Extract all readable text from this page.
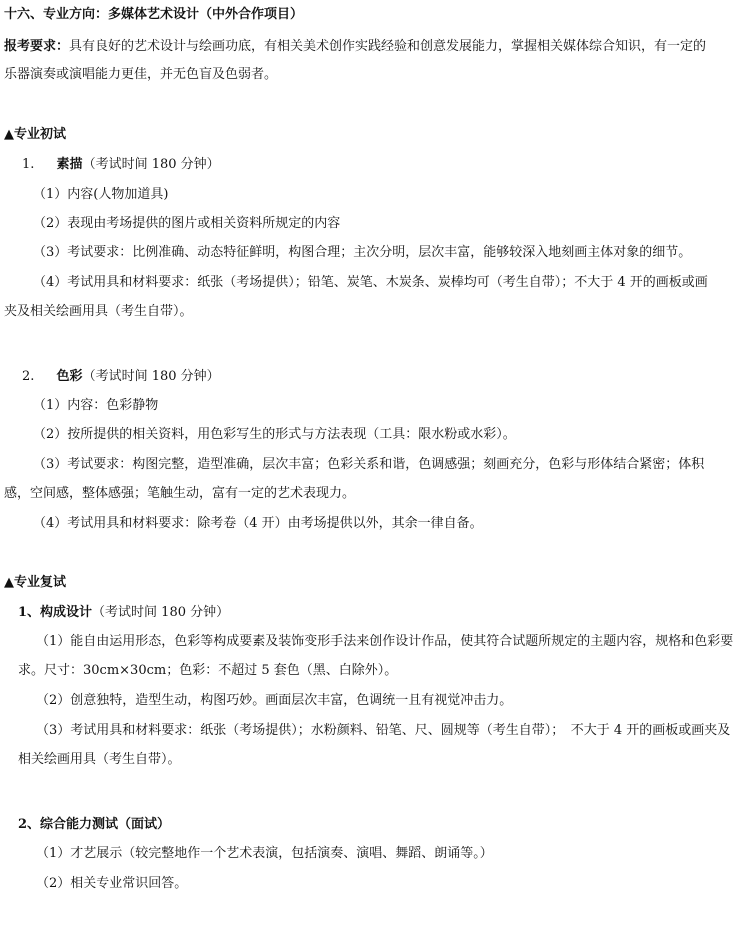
十六、专业方向：多媒体艺术设计（中外合作项目）
报考要求：具有良好的艺术设计与绘画功底，有相关美术创作实践经验和创意发展能力，掌握相关媒体综合知识，有一定的
乐器演奏或演唱能力更佳，并无色盲及色弱者。
▲专业初试
1. 素描（考试时间 180 分钟）
（1）内容(人物加道具)
（2）表现由考场提供的图片或相关资料所规定的内容
（3）考试要求：比例准确、动态特征鲜明，构图合理；主次分明，层次丰富，能够较深入地刻画主体对象的细节。
（4）考试用具和材料要求：纸张（考场提供）；铅笔、炭笔、木炭条、炭棒均可（考生自带）；不大于 4 开的画板或画
夹及相关绘画用具（考生自带）。
2. 色彩（考试时间 180 分钟）
（1）内容：色彩静物
（2）按所提供的相关资料，用色彩写生的形式与方法表现（工具：限水粉或水彩）。
（3）考试要求：构图完整，造型准确，层次丰富；色彩关系和谐，色调感强；刻画充分，色彩与形体结合紧密；体积
感，空间感，整体感强；笔触生动，富有一定的艺术表现力。
（4）考试用具和材料要求：除考卷（4 开）由考场提供以外，其余一律自备。
▲专业复试
1、构成设计（考试时间 180 分钟）
（1）能自由运用形态，色彩等构成要素及装饰变形手法来创作设计作品，使其符合试题所规定的主题内容，规格和色彩要
求。尺寸：30cm×30cm；色彩：不超过 5 套色（黑、白除外）。
（2）创意独特，造型生动，构图巧妙。画面层次丰富，色调统一且有视觉冲击力。
（3）考试用具和材料要求：纸张（考场提供）；水粉颜料、铅笔、尺、圆规等（考生自带）；　不大于 4 开的画板或画夹及
相关绘画用具（考生自带）。
2、综合能力测试（面试）
（1）才艺展示（较完整地作一个艺术表演，包括演奏、演唱、舞蹈、朗诵等。）
（2）相关专业常识回答。
